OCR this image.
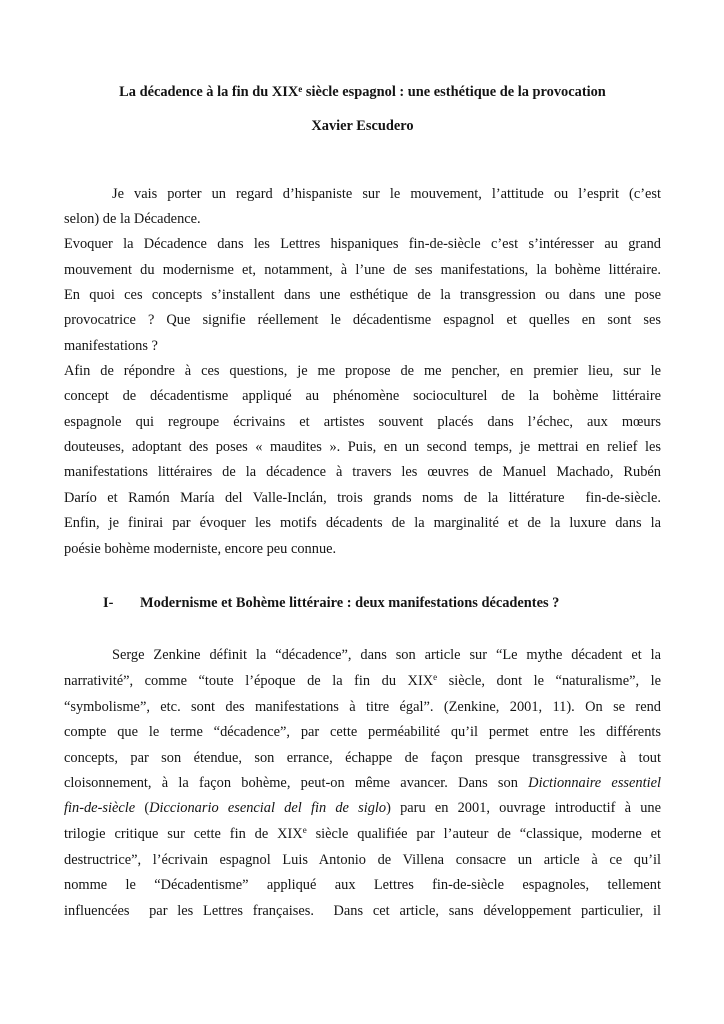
La décadence à la fin du XIXe siècle espagnol : une esthétique de la provocation
Xavier Escudero
Je vais porter un regard d’hispaniste sur le mouvement, l’attitude ou l’esprit (c’est
selon) de la Décadence.
Evoquer la Décadence dans les Lettres hispaniques fin-de-siècle c’est s’intéresser au grand
mouvement du modernisme et, notamment, à l’une de ses manifestations, la bohème littéraire.
En quoi ces concepts s’installent dans une esthétique de la transgression ou dans une pose
provocatrice ? Que signifie réellement le décadentisme espagnol et quelles en sont ses
manifestations ?
Afin de répondre à ces questions, je me propose de me pencher, en premier lieu, sur le
concept de décadentisme appliqué au phénomène socioculturel de la bohème littéraire
espagnole qui regroupe écrivains et artistes souvent placés dans l’échec, aux mœurs
douteuses, adoptant des poses « maudites ». Puis, en un second temps, je mettrai en relief les
manifestations littéraires de la décadence à travers les œuvres de Manuel Machado, Rubén
Darío et Ramón María del Valle-Inclán, trois grands noms de la littérature  fin-de-siècle.
Enfin, je finirai par évoquer les motifs décadents de la marginalité et de la luxure dans la
poésie bohème moderniste, encore peu connue.
I- Modernisme et Bohème littéraire : deux manifestations décadentes ?
Serge Zenkine définit la “décadence”, dans son article sur “Le mythe décadent et la
narrativité”, comme “toute l’époque de la fin du XIXe siècle, dont le “naturalisme”, le
“symbolisme”, etc. sont des manifestations à titre égal”. (Zenkine, 2001, 11). On se rend
compte que le terme “décadence”, par cette perméabilité qu’il permet entre les différents
concepts, par son étendue, son errance, échappe de façon presque transgressive à tout
cloisonnement, à la façon bohème, peut-on même avancer. Dans son Dictionnaire essentiel
fin-de-siècle (Diccionario esencial del fin de siglo) paru en 2001, ouvrage introductif à une
trilogie critique sur cette fin de XIXe siècle qualifiée par l’auteur de “classique, moderne et
destructrice”, l’écrivain espagnol Luis Antonio de Villena consacre un article à ce qu’il
nomme le “Décadentisme” appliqué aux Lettres fin-de-siècle espagnoles, tellement
influencées  par les Lettres françaises.  Dans cet article, sans développement particulier, il
